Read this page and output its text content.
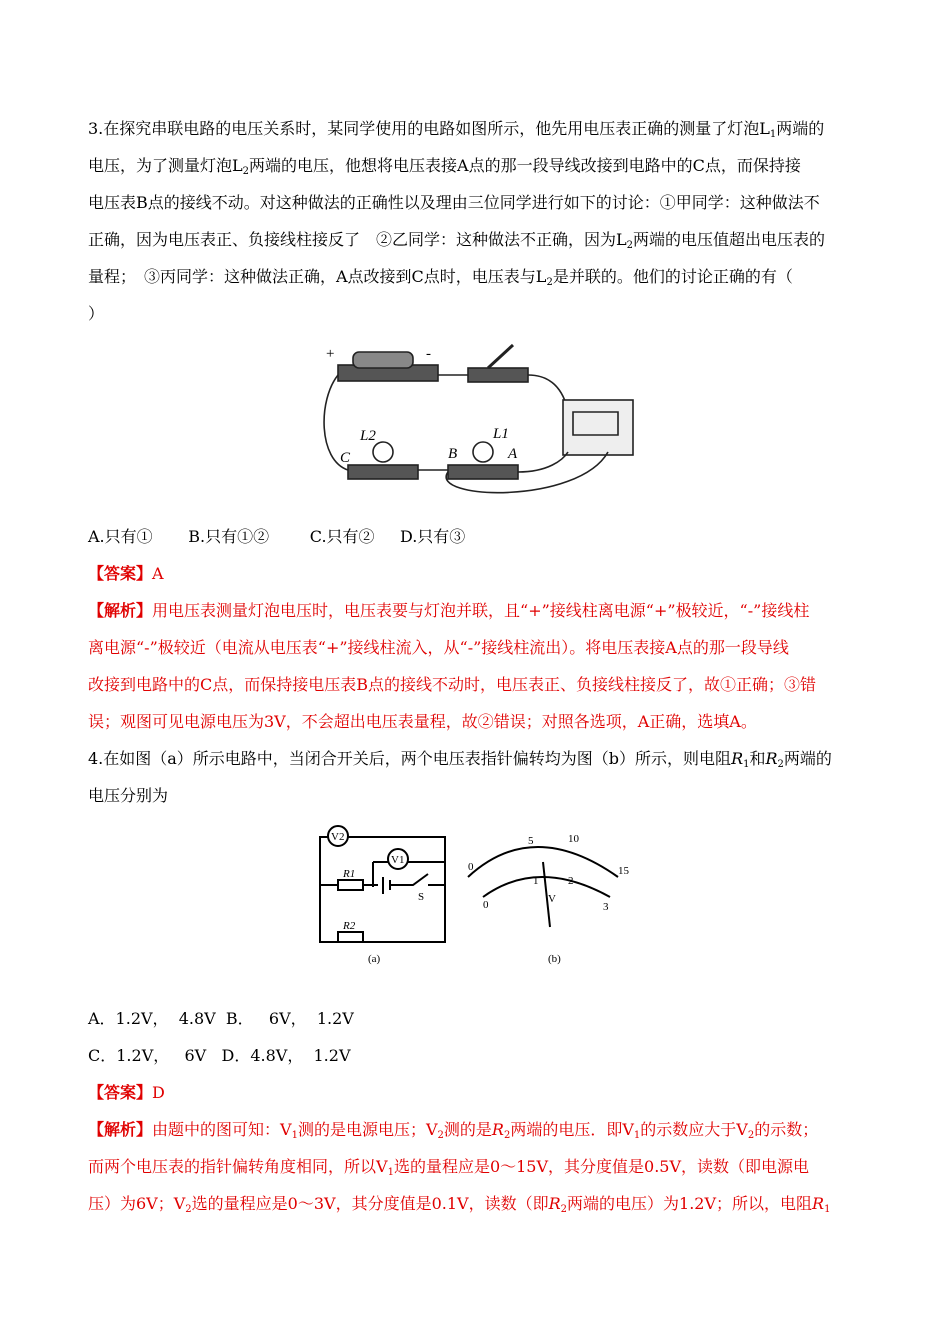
3.在探究串联电路的电压关系时，某同学使用的电路如图所示，他先用电压表正确的测量了灯泡$L_1$两端的
电压，为了测量灯泡$L_2$两端的电压，他想将电压表接A点的那一段导线改接到电路中的C点，而保持接
电压表B点的接线不动。对这种做法的正确性以及理由三位同学进行如下的讨论：①甲同学：这种做法不
正确，因为电压表正、负接线柱接反了　②乙同学：这种做法不正确，因为$L_2$两端的电压值超出电压表的
量程；　③丙同学：这种做法正确，A点改接到C点时，电压表与$L_2$是并联的。他们的讨论正确的有（
）
+	-
L2	L1
C	B	A
A.只有①       B.只有①②        C.只有②     D.只有③
【答案】A
【解析】用电压表测量灯泡电压时，电压表要与灯泡并联，且“+”接线柱离电源“+”极较近，“-”接线柱
离电源“-”极较近（电流从电压表“+”接线柱流入，从“-”接线柱流出）。将电压表接A点的那一段导线
改接到电路中的C点，而保持接电压表B点的接线不动时，电压表正、负接线柱接反了，故①正确；③错
误；观图可见电源电压为3V，不会超出电压表量程，故②错误；对照各选项，A正确，选填A。
4.在如图（a）所示电路中，当闭合开关后，两个电压表指针偏转均为图（b）所示，则电阻$R_1$和$R_2$两端的
电压分别为
V2
V1
R1
R2
S
(a)	(b)
0
5	10
15
0
1	2
3
V
A．1.2V，  4.8V  B．   6V，  1.2V
C．1.2V，   6V   D．4.8V，  1.2V
【答案】D
【解析】由题中的图可知：$V_1$测的是电源电压；$V_2$测的是$R_2$两端的电压．即$V_1$的示数应大于$V_2$的示数；
而两个电压表的指针偏转角度相同，所以$V_1$选的量程应是0～15V，其分度值是0.5V，读数（即电源电
压）为6V；$V_2$选的量程应是0～3V，其分度值是0.1V，读数（即$R_2$两端的电压）为1.2V；所以，电阻$R_1$
